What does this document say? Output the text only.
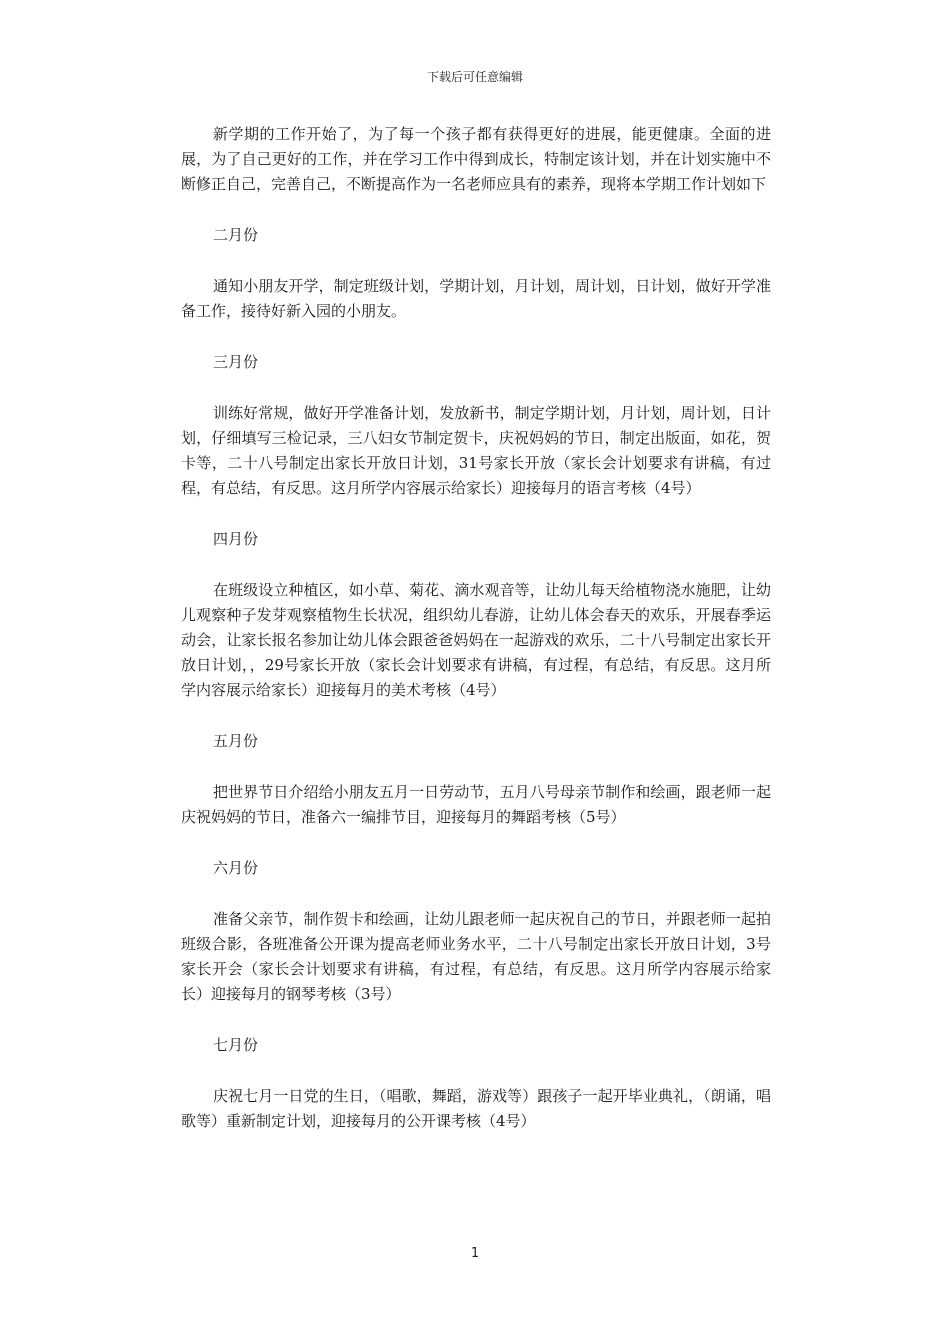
下载后可任意编辑

新学期的工作开始了，为了每一个孩子都有获得更好的进展，能更健康。全面的进展，为了自己更好的工作，并在学习工作中得到成长，特制定该计划，并在计划实施中不断修正自己，完善自己，不断提高作为一名老师应具有的素养，现将本学期工作计划如下

二月份

通知小朋友开学，制定班级计划，学期计划，月计划，周计划，日计划，做好开学准备工作，接待好新入园的小朋友。

三月份

训练好常规，做好开学准备计划，发放新书，制定学期计划，月计划，周计划，日计划，仔细填写三检记录，三八妇女节制定贺卡，庆祝妈妈的节日，制定出版面，如花，贺卡等，二十八号制定出家长开放日计划，31号家长开放（家长会计划要求有讲稿，有过程，有总结，有反思。这月所学内容展示给家长）迎接每月的语言考核（4号）

四月份

在班级设立种植区，如小草、菊花、滴水观音等，让幼儿每天给植物浇水施肥，让幼儿观察种子发芽观察植物生长状况，组织幼儿春游，让幼儿体会春天的欢乐，开展春季运动会，让家长报名参加让幼儿体会跟爸爸妈妈在一起游戏的欢乐，二十八号制定出家长开放日计划，，29号家长开放（家长会计划要求有讲稿，有过程，有总结，有反思。这月所学内容展示给家长）迎接每月的美术考核（4号）

五月份

把世界节日介绍给小朋友五月一日劳动节，五月八号母亲节制作和绘画，跟老师一起庆祝妈妈的节日，准备六一编排节目，迎接每月的舞蹈考核（5号）

六月份

准备父亲节，制作贺卡和绘画，让幼儿跟老师一起庆祝自己的节日，并跟老师一起拍班级合影，各班准备公开课为提高老师业务水平，二十八号制定出家长开放日计划，3号家长开会（家长会计划要求有讲稿，有过程，有总结，有反思。这月所学内容展示给家长）迎接每月的钢琴考核（3号）

七月份

庆祝七月一日党的生日，（唱歌，舞蹈，游戏等）跟孩子一起开毕业典礼，（朗诵，唱歌等）重新制定计划，迎接每月的公开课考核（4号）

1
